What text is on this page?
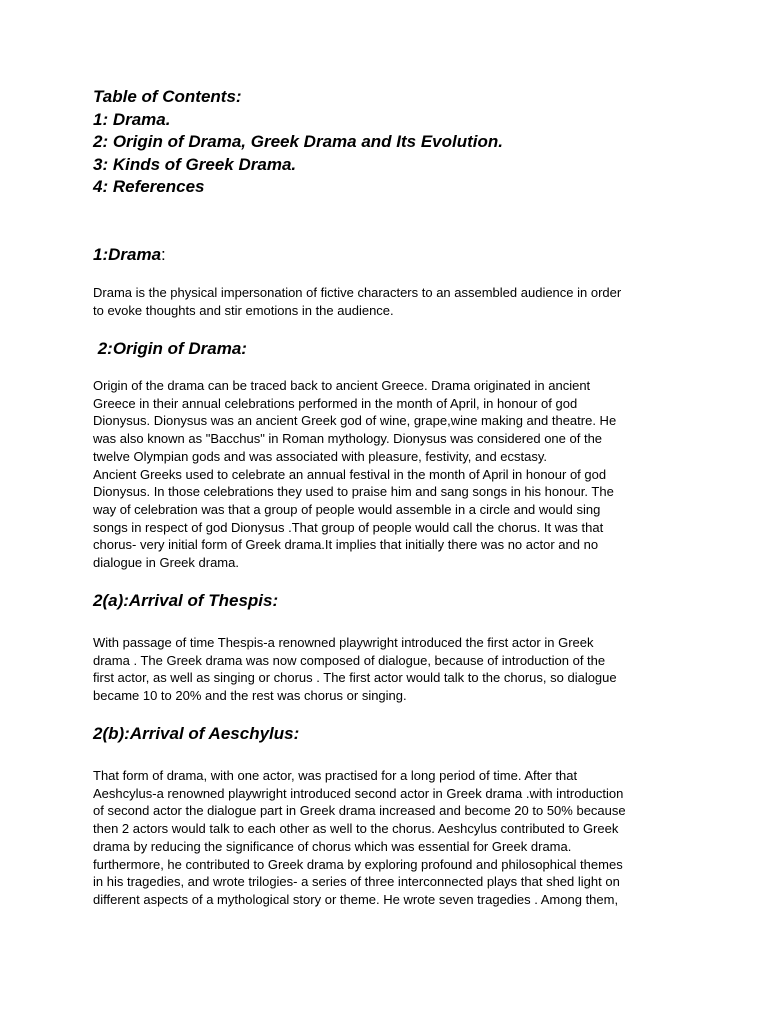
Table of Contents:
1: Drama.
2: Origin of Drama, Greek Drama and Its Evolution.
3: Kinds of Greek Drama.
4: References
1:Drama:
Drama is the physical impersonation of fictive characters to an assembled audience in order
to evoke thoughts and stir emotions in the audience.
2:Origin of Drama:
Origin of the drama can be traced back to ancient Greece. Drama originated in ancient
Greece in their annual celebrations performed in the month of April, in honour of god
Dionysus. Dionysus was an ancient Greek god of wine, grape,wine making and theatre. He
was also known as "Bacchus" in Roman mythology. Dionysus was considered one of the
twelve Olympian gods and was associated with pleasure, festivity, and ecstasy.
Ancient Greeks used to celebrate an annual festival in the month of April in honour of god
Dionysus. In those celebrations they used to praise him and sang songs in his honour. The
way of celebration was that a group of people would assemble in a circle and would sing
songs in respect of god Dionysus .That group of people would call the chorus. It was that
chorus- very initial form of Greek drama.It implies that initially there was no actor and no
dialogue in Greek drama.
2(a):Arrival of Thespis:
With passage of time Thespis-a renowned playwright introduced the first actor in Greek
drama . The Greek drama was now composed of dialogue, because of introduction of the
first actor, as well as singing or chorus . The first actor would talk to the chorus, so dialogue
became 10 to 20% and the rest was chorus or singing.
2(b):Arrival of Aeschylus:
That form of drama, with one actor, was practised for a long period of time. After that
Aeshcylus-a renowned playwright introduced second actor in Greek drama .with introduction
of second actor the dialogue part in Greek drama increased and become 20 to 50% because
then 2 actors would talk to each other as well to the chorus. Aeshcylus contributed to Greek
drama by reducing the significance of chorus which was essential for Greek drama.
furthermore, he contributed to Greek drama by exploring profound and philosophical themes
in his tragedies, and wrote trilogies- a series of three interconnected plays that shed light on
different aspects of a mythological story or theme. He wrote seven tragedies . Among them,
